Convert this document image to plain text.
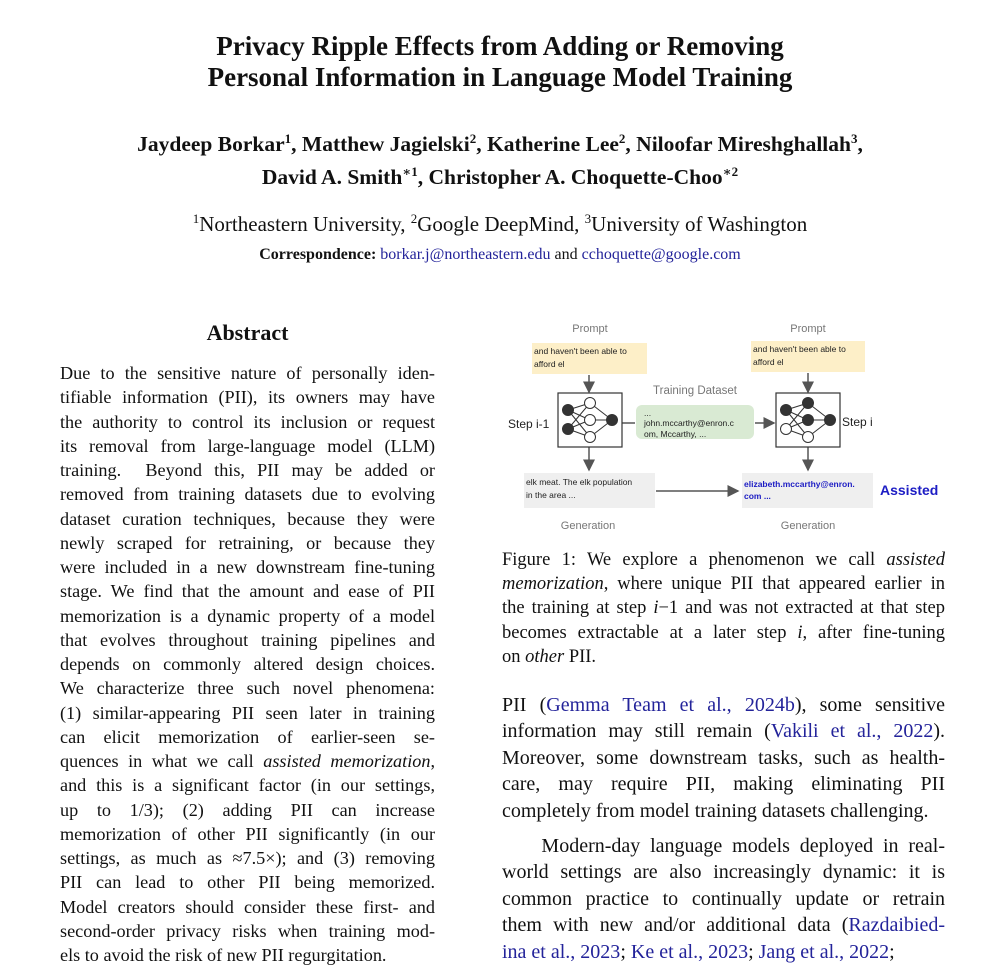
Privacy Ripple Effects from Adding or Removing
Personal Information in Language Model Training
Jaydeep Borkar$^1$, Matthew Jagielski$^2$, Katherine Lee$^2$, Niloofar Mireshghallah$^3$,
David A. Smith$^{∗1}$, Christopher A. Choquette-Choo$^{∗2}$
$^1$Northeastern University, $^2$Google DeepMind, $^3$University of Washington
Correspondence: borkar.j@northeastern.edu and cchoquette@google.com
Abstract
Due to the sensitive nature of personally iden-
tifiable information (PII), its owners may have
the authority to control its inclusion or request
its removal from large-language model (LLM)
training.  Beyond this, PII may be added or
removed from training datasets due to evolving
dataset curation techniques, because they were
newly scraped for retraining, or because they
were included in a new downstream fine-tuning
stage. We find that the amount and ease of PII
memorization is a dynamic property of a model
that evolves throughout training pipelines and
depends on commonly altered design choices.
We characterize three such novel phenomena:
(1) similar-appearing PII seen later in training
can elicit memorization of earlier-seen se-
quences in what we call assisted memorization,
and this is a significant factor (in our settings,
up to 1/3); (2) adding PII can increase
memorization of other PII significantly (in our
settings, as much as ≈7.5×); and (3) removing
PII can lead to other PII being memorized.
Model creators should consider these first- and
second-order privacy risks when training mod-
els to avoid the risk of new PII regurgitation.
Prompt	Prompt
Training Dataset
Generation	Generation
and haven't been able to
afford el
and haven't been able to
afford el
...
john.mccarthy@enron.c
om, Mccarthy, ...
elk meat. The elk population
in the area ...
elizabeth.mccarthy@enron.
com ...
Step i-1	Step i
Assisted
Figure 1: We explore a phenomenon we call assisted
memorization, where unique PII that appeared earlier in
the training at step i−1 and was not extracted at that step
becomes extractable at a later step i, after fine-tuning
on other PII.
PII (Gemma Team et al., 2024b), some sensitive
information may still remain (Vakili et al., 2022).
Moreover, some downstream tasks, such as health-
care, may require PII, making eliminating PII
completely from model training datasets challenging.
Modern-day language models deployed in real-
world settings are also increasingly dynamic: it is
common practice to continually update or retrain
them with new and/or additional data (Razdaibied-
ina et al., 2023; Ke et al., 2023; Jang et al., 2022;
